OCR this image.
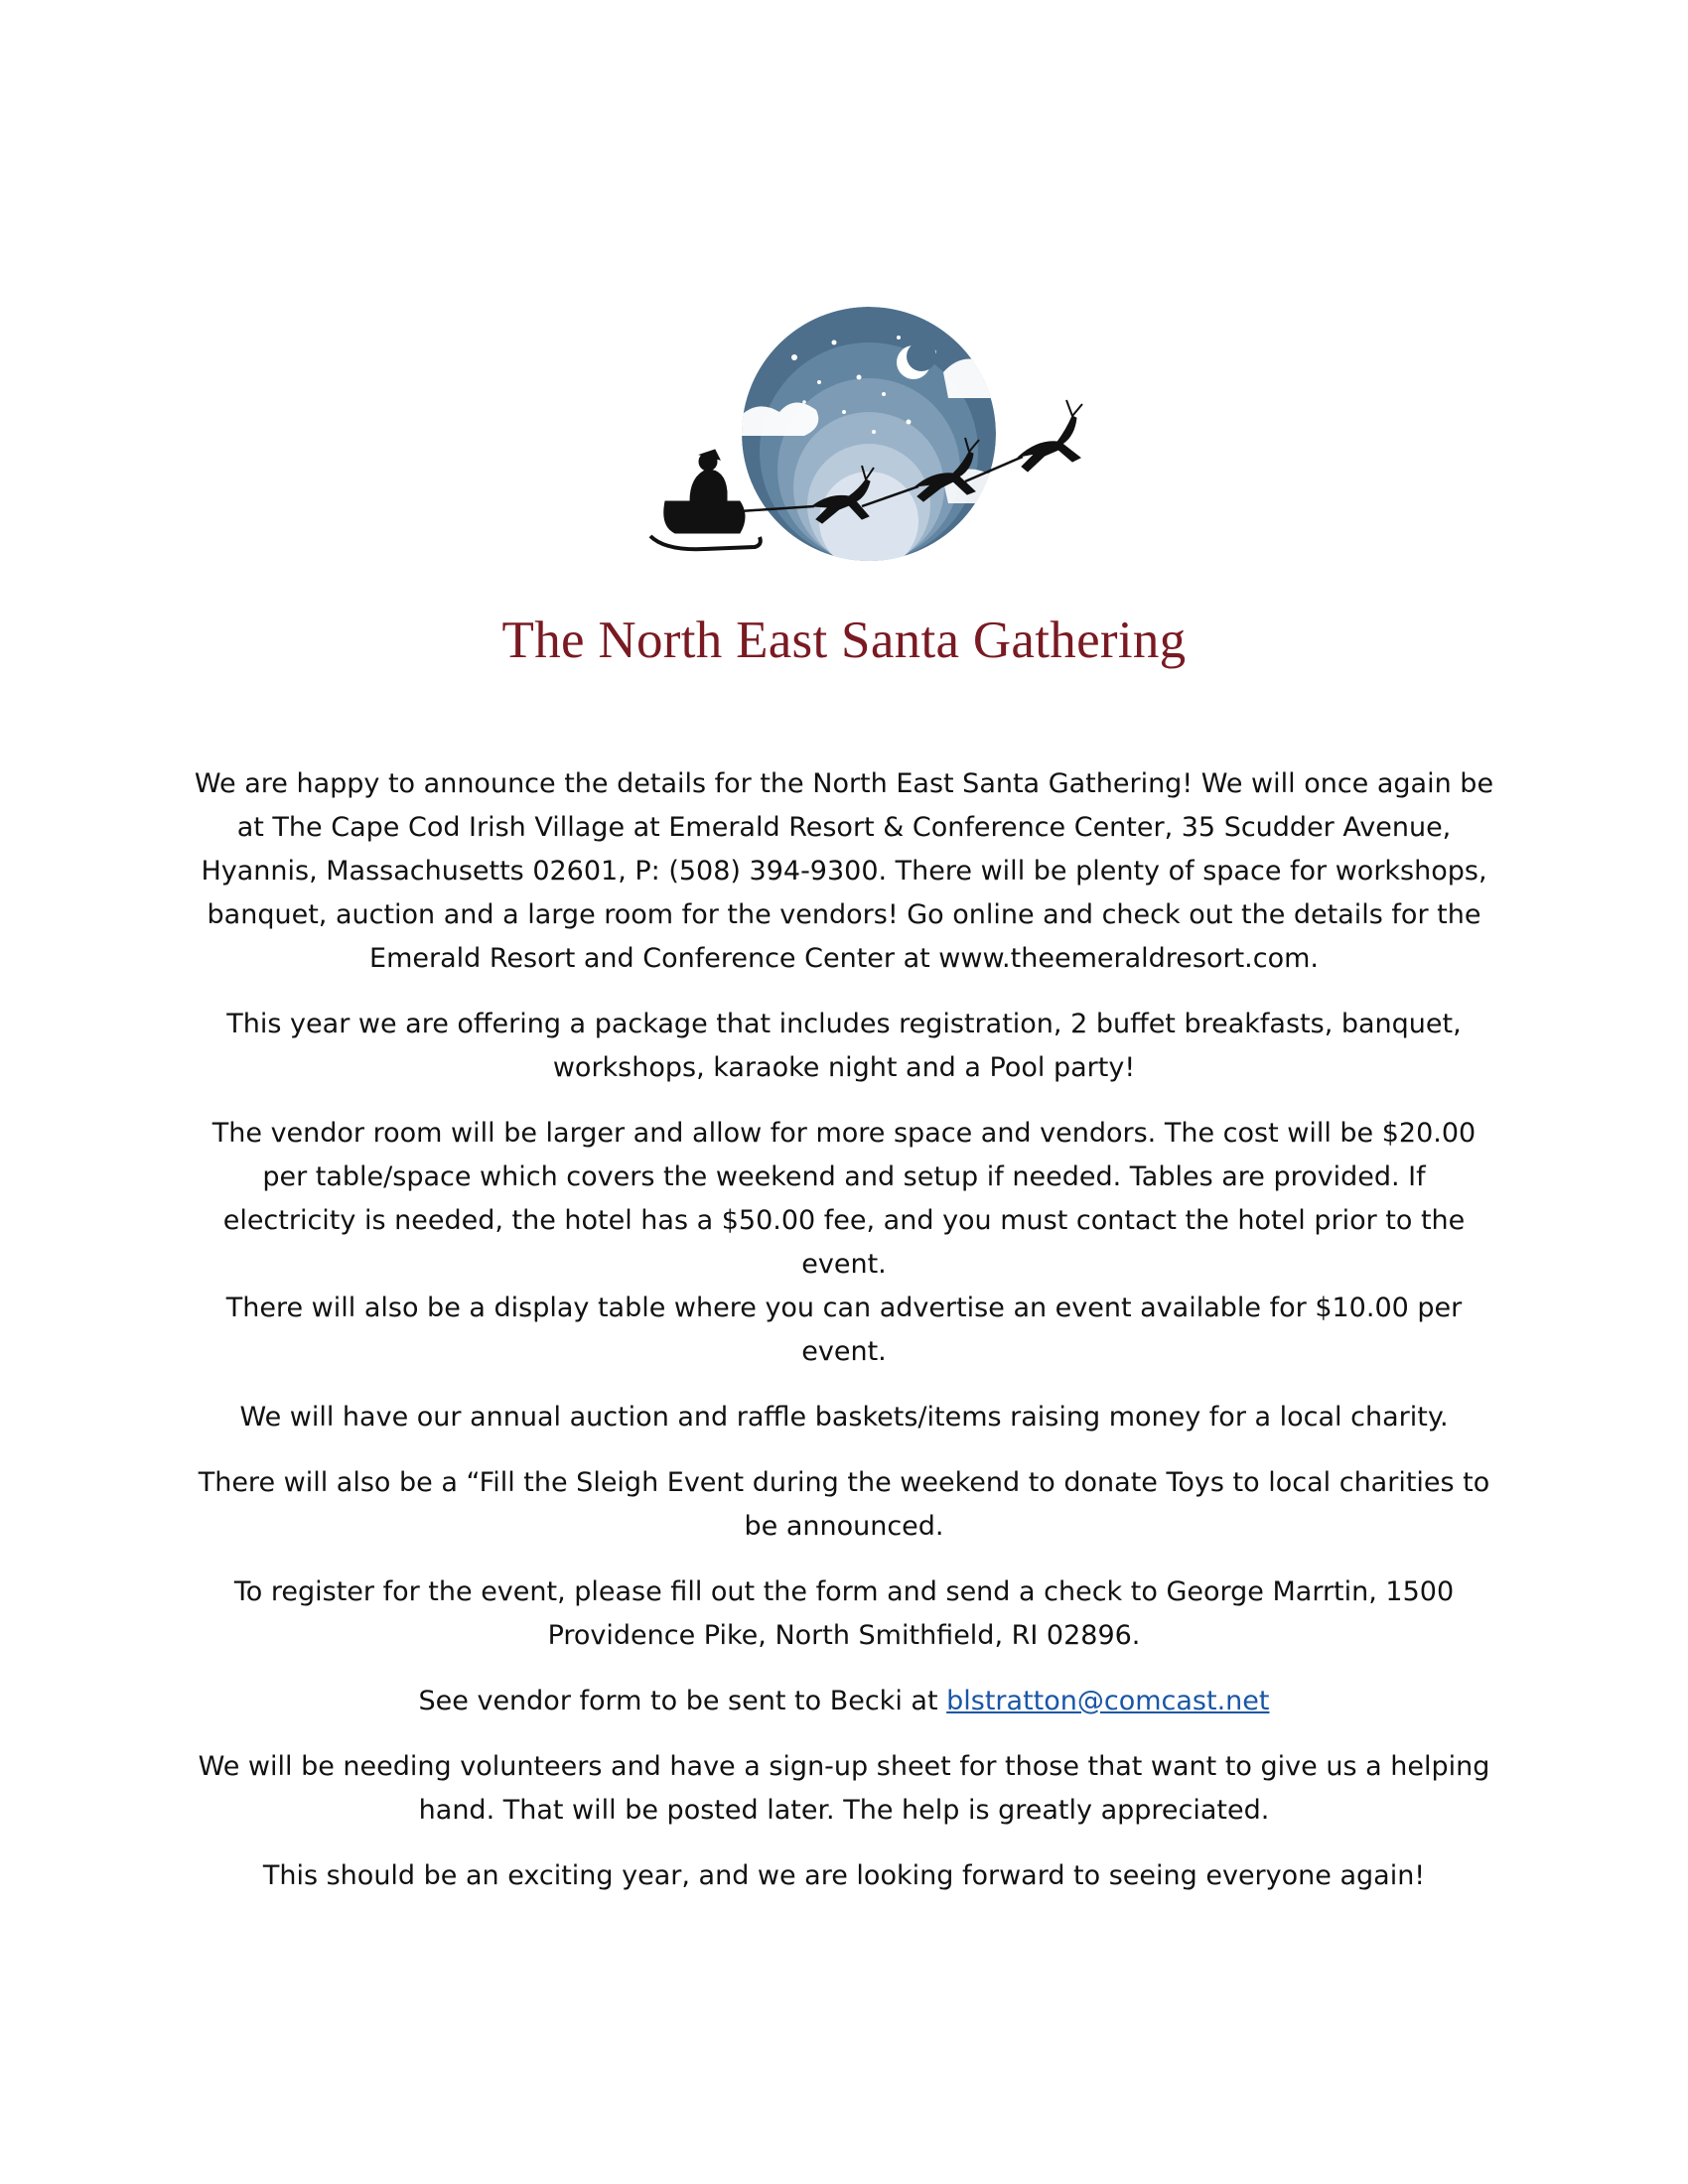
The North East Santa Gathering

We are happy to announce the details for the North East Santa Gathering! We will once again be at The Cape Cod Irish Village at Emerald Resort & Conference Center, 35 Scudder Avenue, Hyannis, Massachusetts 02601, P: (508) 394-9300. There will be plenty of space for workshops, banquet, auction and a large room for the vendors! Go online and check out the details for the Emerald Resort and Conference Center at www.theemeraldresort.com.

This year we are offering a package that includes registration, 2 buffet breakfasts, banquet, workshops, karaoke night and a Pool party!

The vendor room will be larger and allow for more space and vendors. The cost will be $20.00 per table/space which covers the weekend and setup if needed. Tables are provided. If electricity is needed, the hotel has a $50.00 fee, and you must contact the hotel prior to the event.

There will also be a display table where you can advertise an event available for $10.00 per event.

We will have our annual auction and raffle baskets/items raising money for a local charity.

There will also be a “Fill the Sleigh Event during the weekend to donate Toys to local charities to be announced.

To register for the event, please fill out the form and send a check to George Marrtin, 1500 Providence Pike, North Smithfield, RI 02896.

See vendor form to be sent to Becki at blstratton@comcast.net

We will be needing volunteers and have a sign-up sheet for those that want to give us a helping hand. That will be posted later. The help is greatly appreciated.

This should be an exciting year, and we are looking forward to seeing everyone again!
